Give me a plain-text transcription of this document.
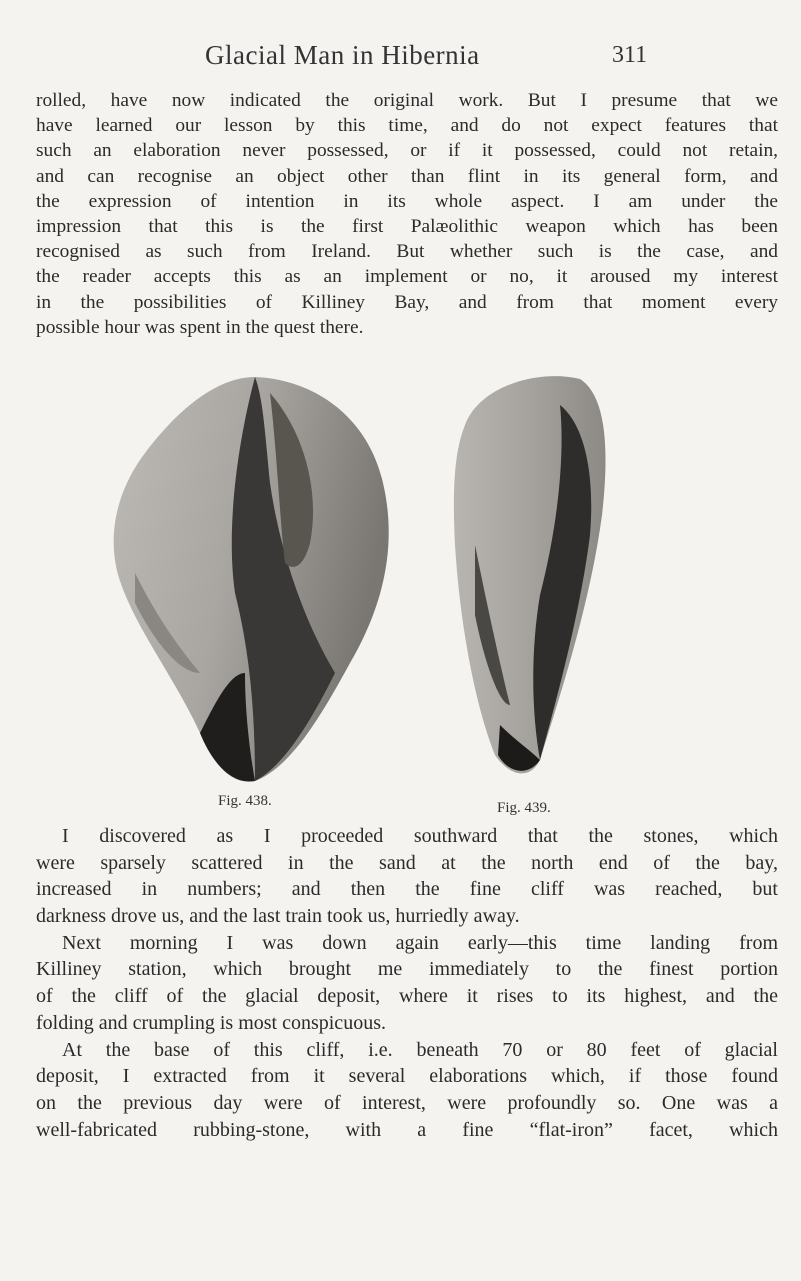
Glacial Man in Hibernia	311

rolled, have now indicated the original work. But I presume that we
have learned our lesson by this time, and do not expect features that
such an elaboration never possessed, or if it possessed, could not retain,
and can recognise an object other than flint in its general form, and
the expression of intention in its whole aspect. I am under the
impression that this is the first Palæolithic weapon which has been
recognised as such from Ireland. But whether such is the case, and
the reader accepts this as an implement or no, it aroused my interest
in the possibilities of Killiney Bay, and from that moment every
possible hour was spent in the quest there.

Fig. 438.	Fig. 439.

I discovered as I proceeded southward that the stones, which
were sparsely scattered in the sand at the north end of the bay,
increased in numbers; and then the fine cliff was reached, but
darkness drove us, and the last train took us, hurriedly away.
Next morning I was down again early—this time landing from
Killiney station, which brought me immediately to the finest portion
of the cliff of the glacial deposit, where it rises to its highest, and the
folding and crumpling is most conspicuous.
At the base of this cliff, i.e. beneath 70 or 80 feet of glacial
deposit, I extracted from it several elaborations which, if those found
on the previous day were of interest, were profoundly so. One was a
well-fabricated rubbing-stone, with a fine “flat-iron” facet, which
